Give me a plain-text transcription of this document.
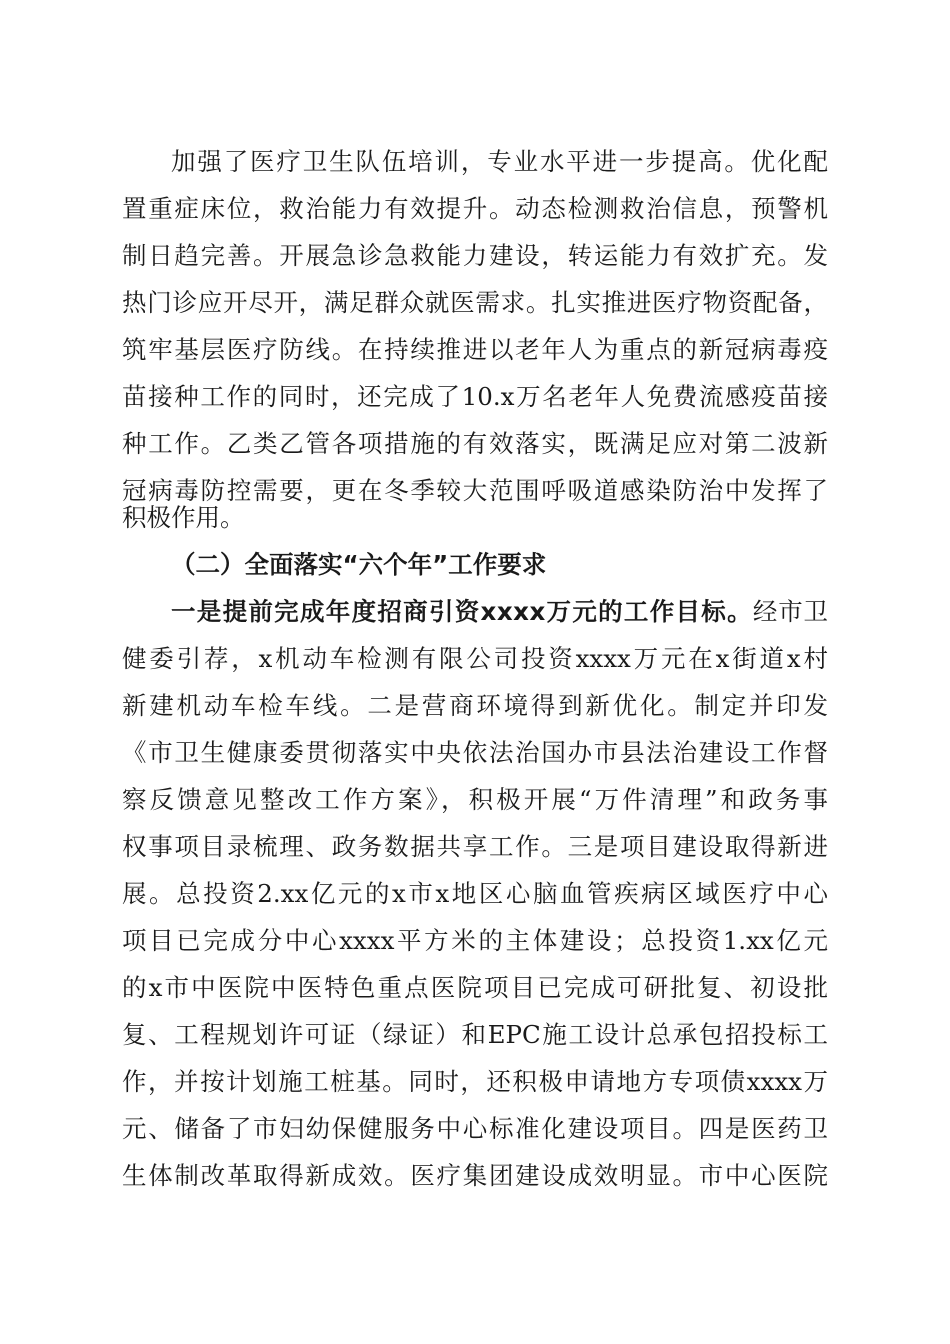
加强了医疗卫生队伍培训，专业水平进一步提高。优化配
置重症床位，救治能力有效提升。动态检测救治信息，预警机
制日趋完善。开展急诊急救能力建设，转运能力有效扩充。发
热门诊应开尽开，满足群众就医需求。扎实推进医疗物资配备，
筑牢基层医疗防线。在持续推进以老年人为重点的新冠病毒疫
苗接种工作的同时，还完成了10.x万名老年人免费流感疫苗接
种工作。乙类乙管各项措施的有效落实，既满足应对第二波新
冠病毒防控需要，更在冬季较大范围呼吸道感染防治中发挥了
积极作用。
（二）全面落实“六个年”工作要求
一是提前完成年度招商引资xxxx万元的工作目标。经市卫
健委引荐，x机动车检测有限公司投资xxxx万元在x街道x村
新建机动车检车线。二是营商环境得到新优化。制定并印发
《市卫生健康委贯彻落实中央依法治国办市县法治建设工作督
察反馈意见整改工作方案》，积极开展“万件清理”和政务事
权事项目录梳理、政务数据共享工作。三是项目建设取得新进
展。总投资2.xx亿元的x市x地区心脑血管疾病区域医疗中心
项目已完成分中心xxxx平方米的主体建设；总投资1.xx亿元
的x市中医院中医特色重点医院项目已完成可研批复、初设批
复、工程规划许可证（绿证）和EPC施工设计总承包招投标工
作，并按计划施工桩基。同时，还积极申请地方专项债xxxx万
元、储备了市妇幼保健服务中心标准化建设项目。四是医药卫
生体制改革取得新成效。医疗集团建设成效明显。市中心医院
